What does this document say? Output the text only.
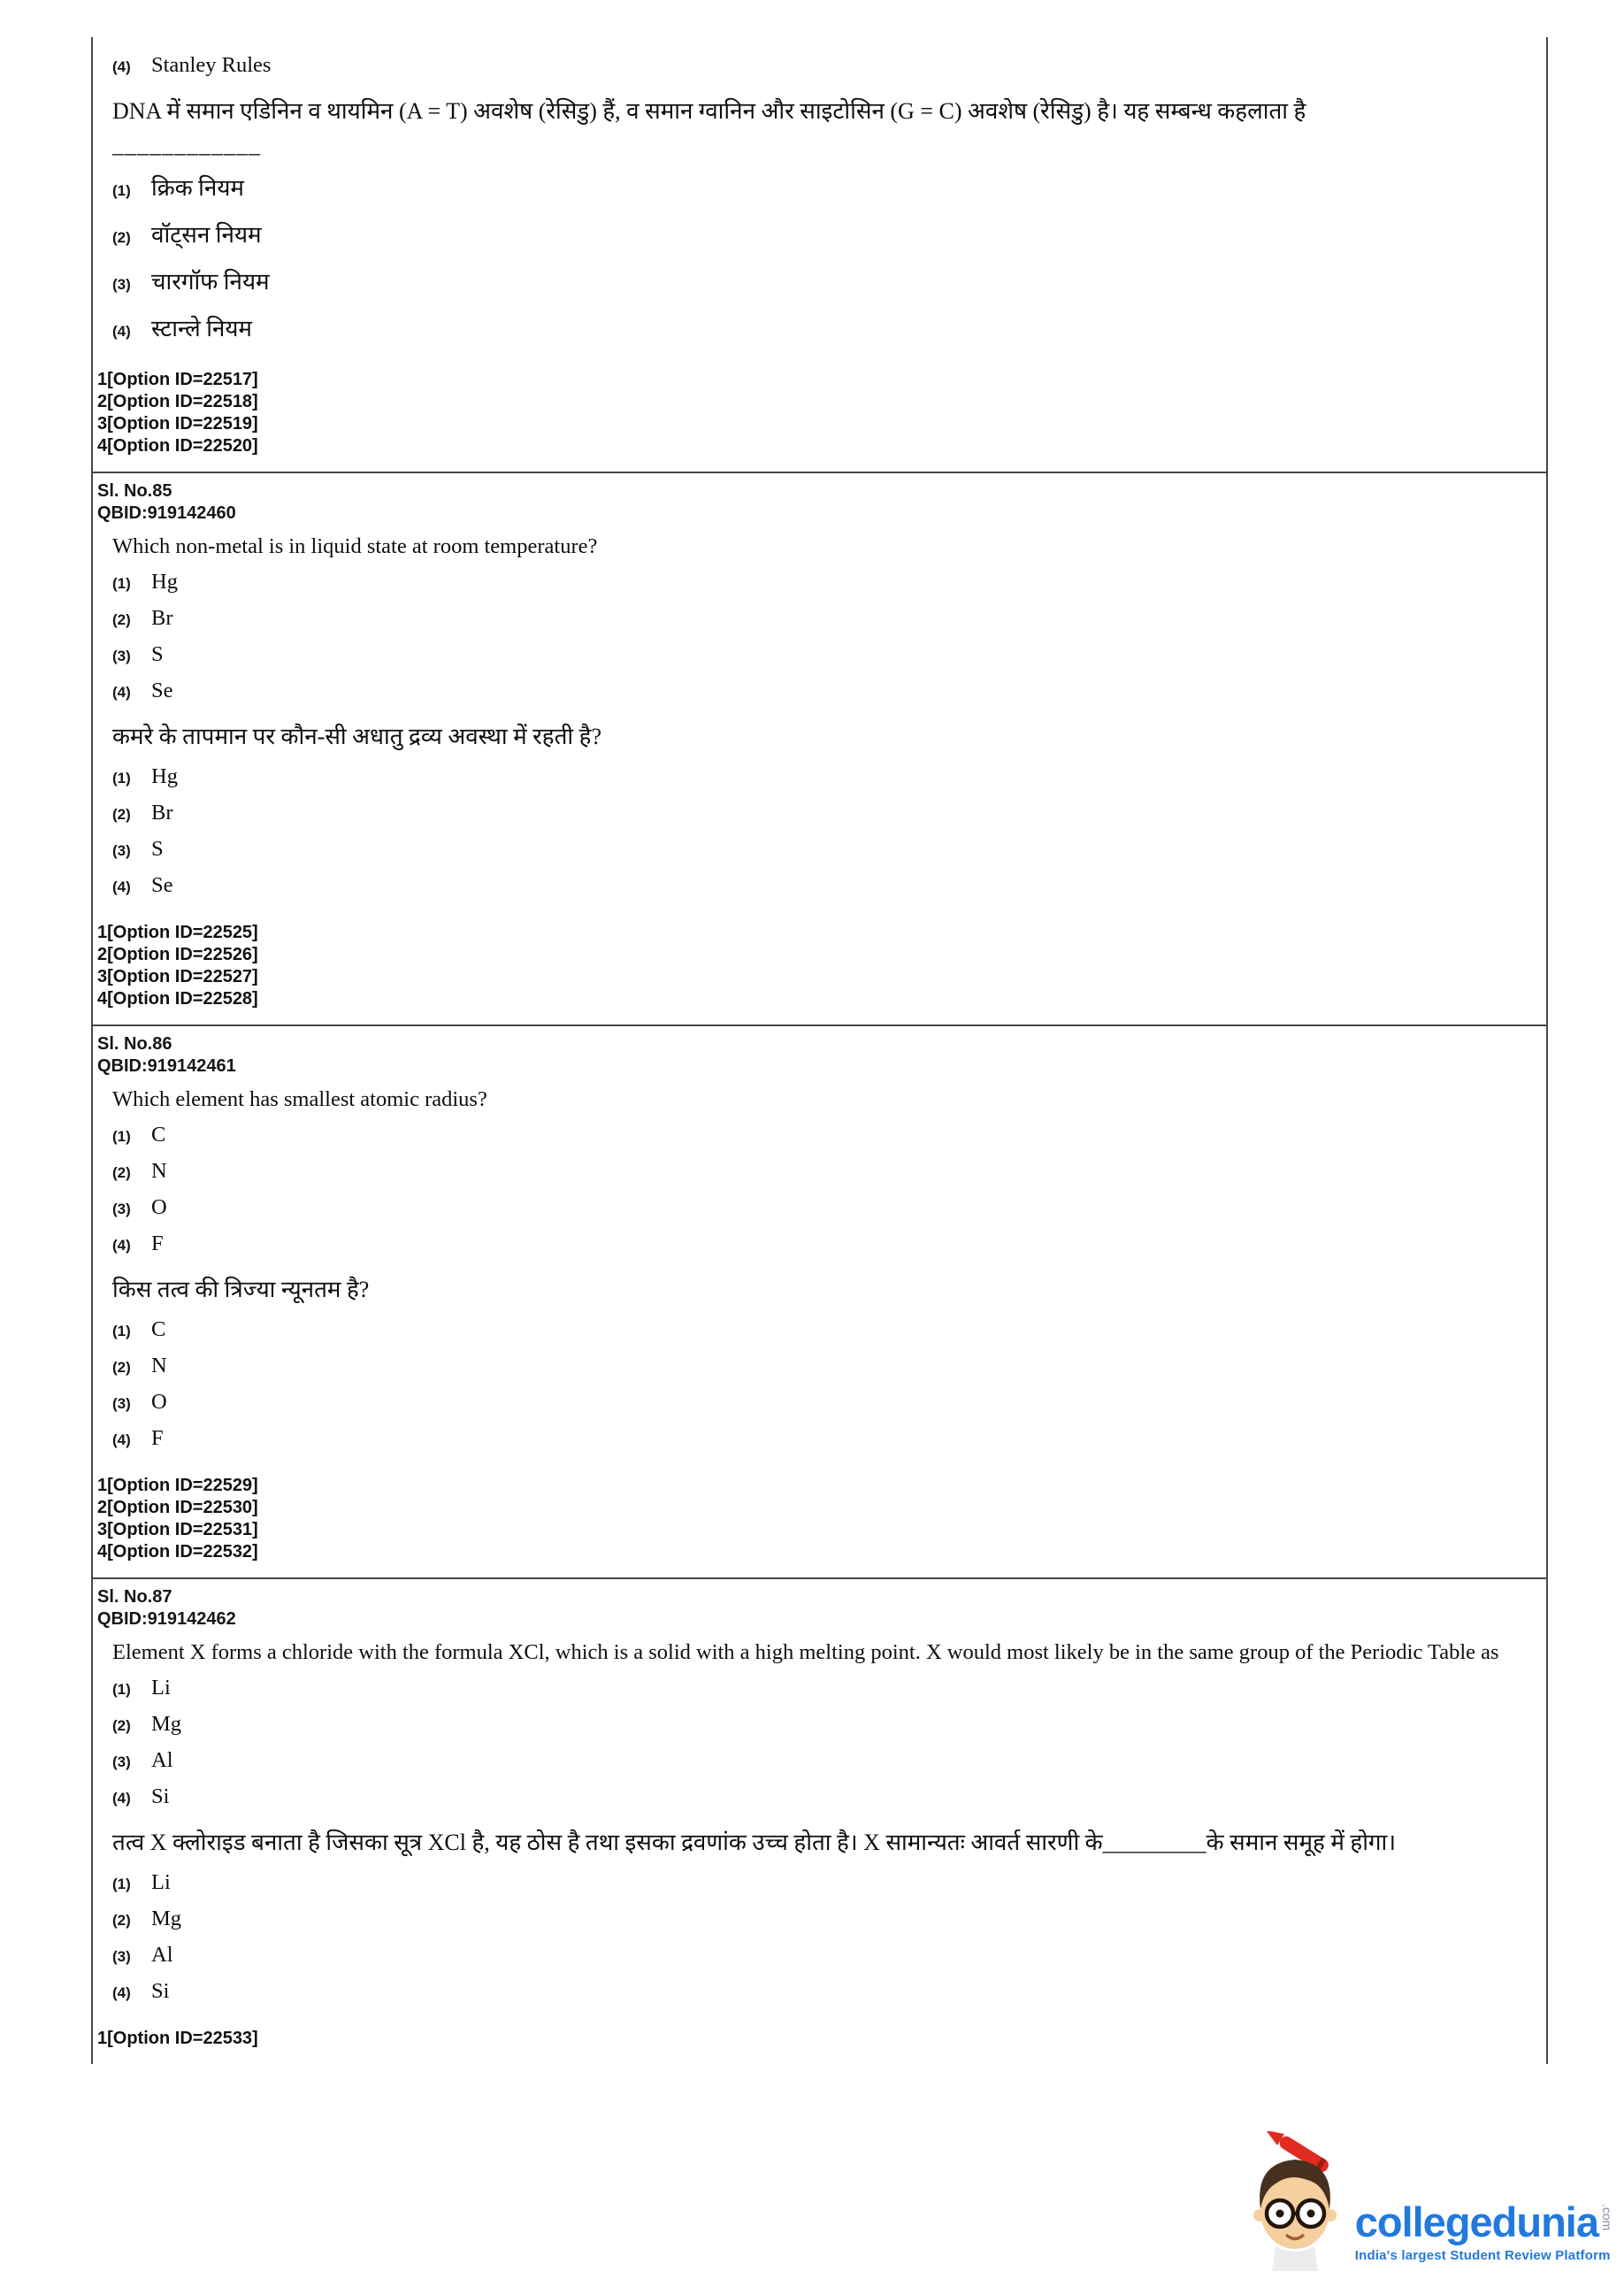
(4) Stanley Rules

DNA में समान एडिनिन व थायमिन (A = T) अवशेष (रेसिडु) हैं, व समान ग्वानिन और साइटोसिन (G = C) अवशेष (रेसिडु) है। यह सम्बन्ध कहलाता है

____________
(1) क्रिक नियम
(2) वॉट्सन नियम
(3) चारगॉफ नियम
(4) स्टान्ले नियम
1[Option ID=22517]
2[Option ID=22518]
3[Option ID=22519]
4[Option ID=22520]
Sl. No.85
QBID:919142460

Which non-metal is in liquid state at room temperature?

(1) Hg
(2) Br
(3) S
(4) Se

कमरे के तापमान पर कौन-सी अधातु द्रव्य अवस्था में रहती है?

(1) Hg
(2) Br
(3) S
(4) Se
1[Option ID=22525]
2[Option ID=22526]
3[Option ID=22527]
4[Option ID=22528]
Sl. No.86
QBID:919142461

Which element has smallest atomic radius?

(1) C
(2) N
(3) O
(4) F

किस तत्व की त्रिज्या न्यूनतम है?

(1) C
(2) N
(3) O
(4) F
1[Option ID=22529]
2[Option ID=22530]
3[Option ID=22531]
4[Option ID=22532]
Sl. No.87
QBID:919142462

Element X forms a chloride with the formula XCl, which is a solid with a high melting point. X would most likely be in the same group of the Periodic Table as

(1) Li
(2) Mg
(3) Al
(4) Si

तत्व X क्लोराइड बनाता है जिसका सूत्र XCl है, यह ठोस है तथा इसका द्रवणांक उच्च होता है। X सामान्यतः आवर्त सारणी के_________के समान समूह में होगा।

(1) Li
(2) Mg
(3) Al
(4) Si
1[Option ID=22533]
collegedunia .com
India's largest Student Review Platform
